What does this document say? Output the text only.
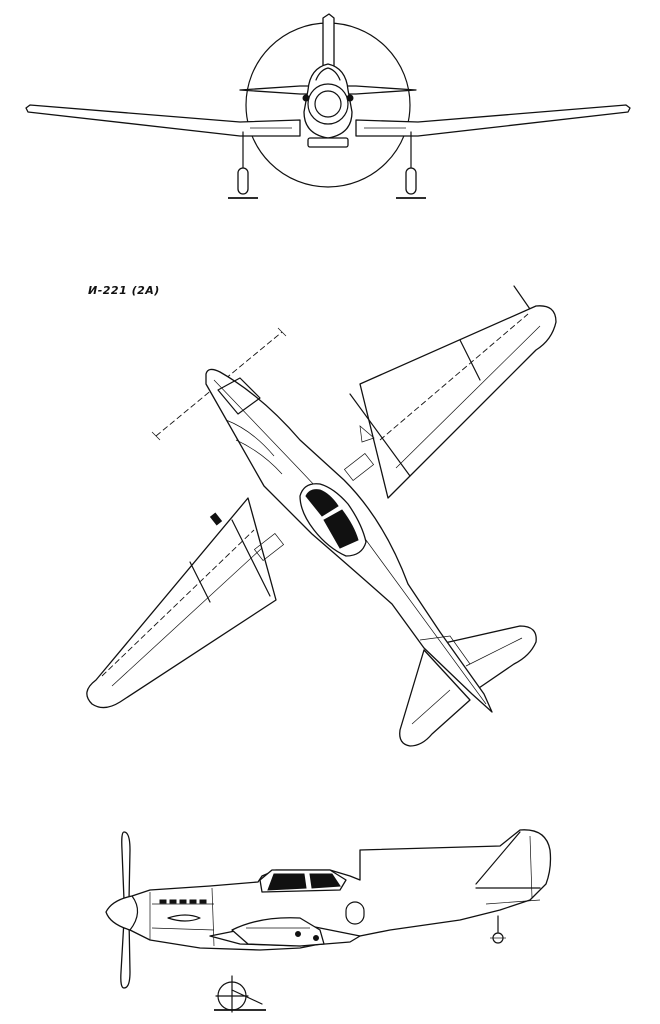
И-221 (2А)
